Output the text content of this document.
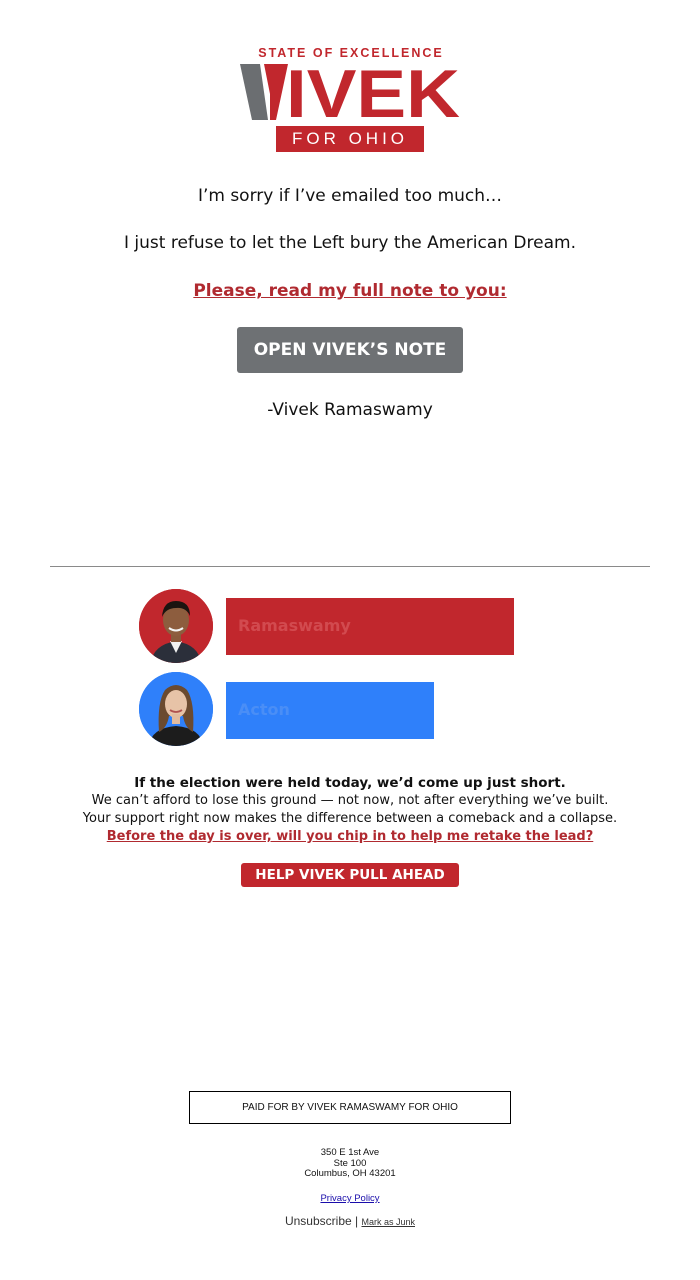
STATE OF EXCELLENCE
IVEK
FOR OHIO
I’m sorry if I’ve emailed too much…
I just refuse to let the Left bury the American Dream.
Please, read my full note to you:
OPEN VIVEK’S NOTE
-Vivek Ramaswamy
Ramaswamy
Acton
If the election were held today, we’d come up just short.
We can’t afford to lose this ground — not now, not after everything we’ve built.
Your support right now makes the difference between a comeback and a collapse.
Before the day is over, will you chip in to help me retake the lead?
HELP VIVEK PULL AHEAD
PAID FOR BY VIVEK RAMASWAMY FOR OHIO
350 E 1st Ave
Ste 100
Columbus, OH 43201
Privacy Policy
Unsubscribe | Mark as Junk
